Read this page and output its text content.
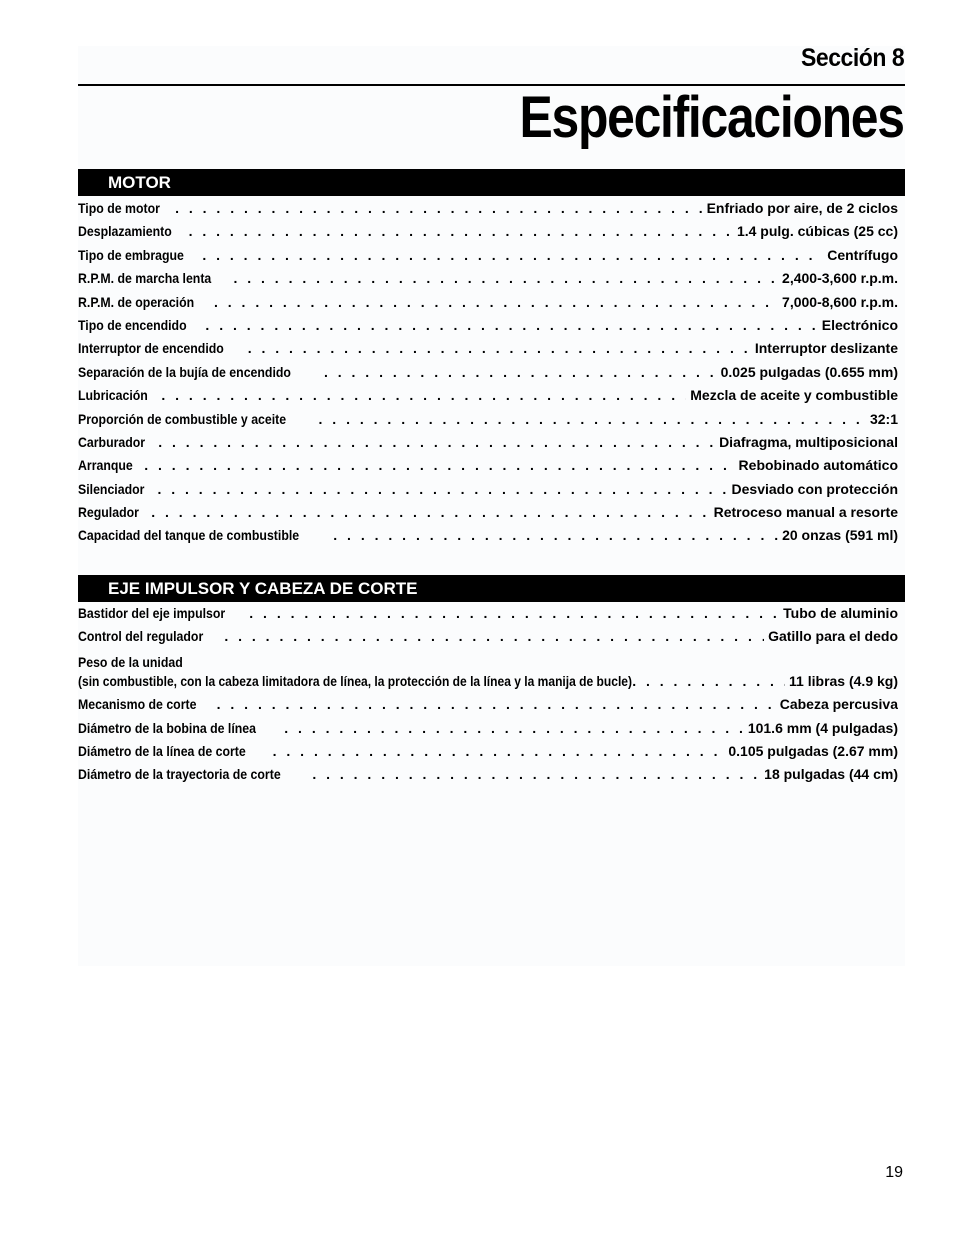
Sección 8
Especificaciones
MOTOR
Tipo de motor . . .	Enfriado por aire, de 2 ciclos
Desplazamiento . . .	1.4 pulg. cúbicas (25 cc)
Tipo de embrague . . .	Centrífugo
R.P.M. de marcha lenta . . .	2,400-3,600 r.p.m.
R.P.M. de operación . . .	7,000-8,600 r.p.m.
Tipo de encendido . . .	Electrónico
Interruptor de encendido . . .	Interruptor deslizante
Separación de la bujía de encendido . . .	0.025 pulgadas (0.655 mm)
Lubricación . . .	Mezcla de aceite y combustible
Proporción de combustible y aceite . . .	32:1
Carburador . . .	Diafragma, multiposicional
Arranque . . .	Rebobinado automático
Silenciador . . .	Desviado con protección
Regulador . . .	Retroceso manual a resorte
Capacidad del tanque de combustible . . .	20 onzas (591 ml)
EJE IMPULSOR Y CABEZA DE CORTE
Bastidor del eje impulsor . . .	Tubo de aluminio
Control del regulador . . .	Gatillo para el dedo
Peso de la unidad
(sin combustible, con la cabeza limitadora de línea, la protección de la línea y la manija de bucle) . . .	11 libras (4.9 kg)
Mecanismo de corte . . .	Cabeza percusiva
Diámetro de la bobina de línea . . .	101.6 mm (4 pulgadas)
Diámetro de la línea de corte . . .	0.105 pulgadas (2.67 mm)
Diámetro de la trayectoria de corte . . .	18 pulgadas (44 cm)
19
